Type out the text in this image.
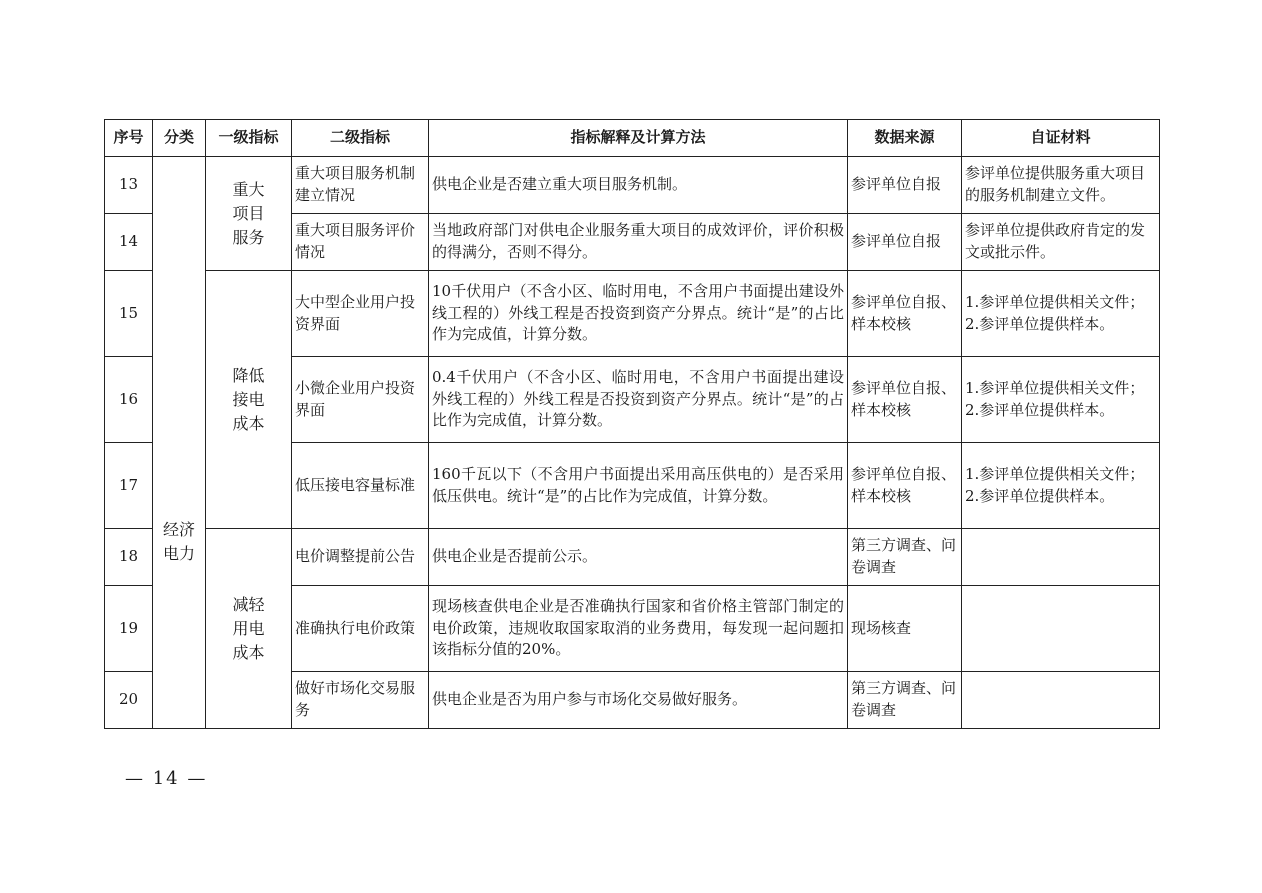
序号	分类	一级指标	二级指标	指标解释及计算方法	数据来源	自证材料
13	经济电力	重大项目服务	重大项目服务机制建立情况	供电企业是否建立重大项目服务机制。	参评单位自报	参评单位提供服务重大项目的服务机制建立文件。
14			重大项目服务评价情况	当地政府部门对供电企业服务重大项目的成效评价，评价积极的得满分，否则不得分。	参评单位自报	参评单位提供政府肯定的发文或批示件。
15		降低接电成本	大中型企业用户投资界面	10千伏用户（不含小区、临时用电，不含用户书面提出建设外线工程的）外线工程是否投资到资产分界点。统计“是”的占比作为完成值，计算分数。	参评单位自报、样本校核	1.参评单位提供相关文件；2.参评单位提供样本。
16			小微企业用户投资界面	0.4千伏用户（不含小区、临时用电，不含用户书面提出建设外线工程的）外线工程是否投资到资产分界点。统计“是”的占比作为完成值，计算分数。	参评单位自报、样本校核	1.参评单位提供相关文件；2.参评单位提供样本。
17			低压接电容量标准	160千瓦以下（不含用户书面提出采用高压供电的）是否采用低压供电。统计“是”的占比作为完成值，计算分数。	参评单位自报、样本校核	1.参评单位提供相关文件；2.参评单位提供样本。
18		减轻用电成本	电价调整提前公告	供电企业是否提前公示。	第三方调查、问卷调查	
19			准确执行电价政策	现场核查供电企业是否准确执行国家和省价格主管部门制定的电价政策，违规收取国家取消的业务费用，每发现一起问题扣该指标分值的20%。	现场核查	
20			做好市场化交易服务	供电企业是否为用户参与市场化交易做好服务。	第三方调查、问卷调查	
— 14 —
